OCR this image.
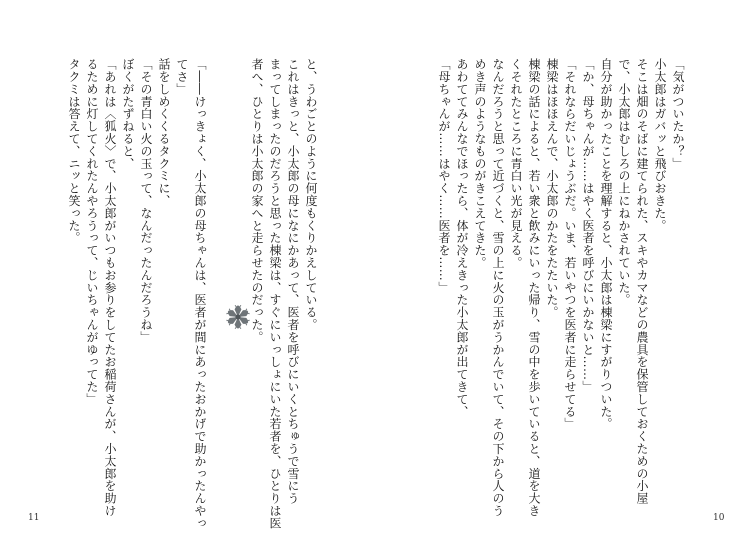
「気がついたか？」
小太郎はガバッと飛びおきた。
そこは畑のそばに建てられた、スキやカマなどの農具を保管しておくための小屋
で、小太郎はむしろの上にねかされていた。
自分が助かったことを理解すると、小太郎は棟梁にすがりついた。
「か、母ちゃんが……はやく医者を呼びにいかないと……」
「それならだいじょうぶだ。いま、若いやつを医者に走らせてる」
棟梁はほほえんで、小太郎のかたをたたいた。
棟梁の話によると、若い衆と飲みにいった帰り、雪の中を歩いていると、道を大き
くそれたところに青白い光が見える。
なんだろうと思って近づくと、雪の上に火の玉がうかんでいて、その下から人のう
めき声のようなものがきこえてきた。
あわててみんなでほったら、体が冷えきった小太郎が出てきて、
「母ちゃんが……はやく……医者を……」
と、うわごとのように何度もくりかえしている。
これはきっと、小太郎の母になにかあって、医者を呼びにいくとちゅうで雪にう
まってしまったのだろうと思った棟梁は、すぐにいっしょにいた若者を、ひとりは医
者へ、ひとりは小太郎の家へと走らせたのだった。
「――けっきょく、小太郎の母ちゃんは、医者が間にあったおかげで助かったんやっ
てさ」
話をしめくくるタクミに、
「その青白い火の玉って、なんだったんだろうね」
ぼくがたずねると、
「あれは〈狐火〉で、小太郎がいつもお参りをしてたお稲荷さんが、小太郎を助け
るために灯してくれたんやろうって、じいちゃんがゆってた」
タクミは答えて、ニッと笑った。
11	10
